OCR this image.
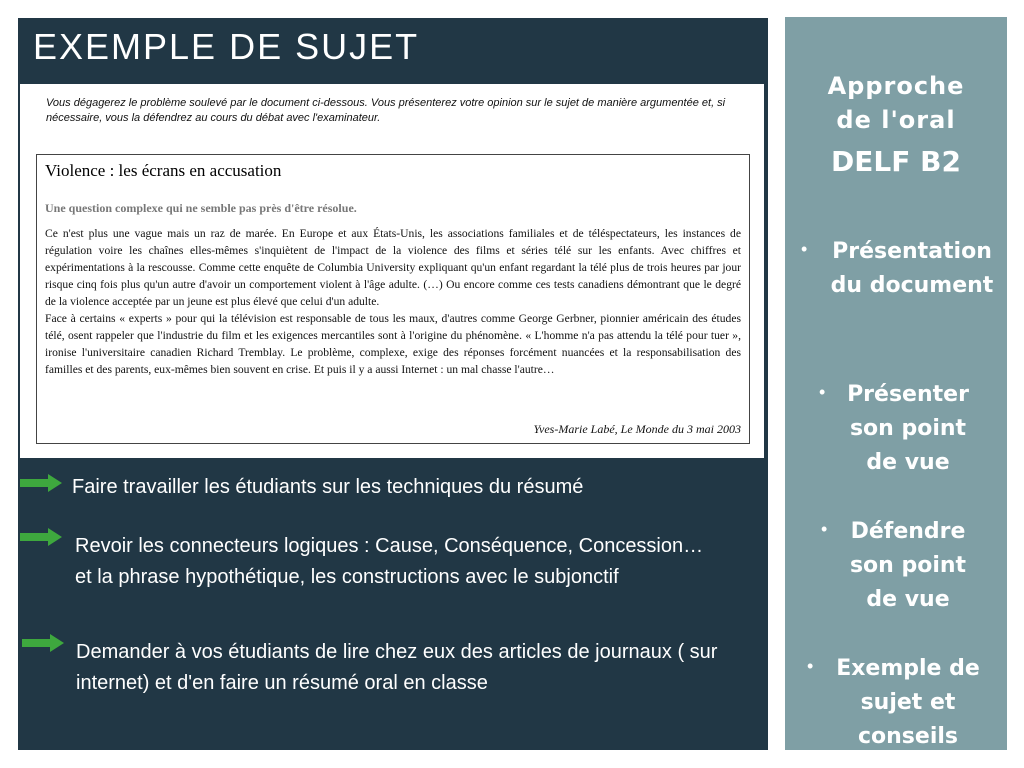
EXEMPLE DE SUJET
Vous dégagerez le problème soulevé par le document ci-dessous. Vous présenterez votre opinion sur le sujet de manière argumentée et, si nécessaire, vous la défendrez au cours du débat avec l'examinateur.
Violence : les écrans en accusation
Une question complexe qui ne semble pas près d'être résolue.

Ce n'est plus une vague mais un raz de marée. En Europe et aux États-Unis, les associations familiales et de téléspectateurs, les instances de régulation voire les chaînes elles-mêmes s'inquiètent de l'impact de la violence des films et séries télé sur les enfants. Avec chiffres et expérimentations à la rescousse. Comme cette enquête de Columbia University expliquant qu'un enfant regardant la télé plus de trois heures par jour risque cinq fois plus qu'un autre d'avoir un comportement violent à l'âge adulte. (…) Ou encore comme ces tests canadiens démontrant que le degré de la violence acceptée par un jeune est plus élevé que celui d'un adulte.

Face à certains « experts » pour qui la télévision est responsable de tous les maux, d'autres comme George Gerbner, pionnier américain des études télé, osent rappeler que l'industrie du film et les exigences mercantiles sont à l'origine du phénomène. « L'homme n'a pas attendu la télé pour tuer », ironise l'universitaire canadien Richard Tremblay. Le problème, complexe, exige des réponses forcément nuancées et la responsabilisation des familles et des parents, eux-mêmes bien souvent en crise. Et puis il y a aussi Internet : un mal chasse l'autre…

Yves-Marie Labé, Le Monde du 3 mai 2003

Faire travailler les étudiants sur les techniques du résumé

Revoir les connecteurs logiques : Cause, Conséquence, Concession… et la phrase hypothétique, les constructions avec le subjonctif

Demander à vos étudiants de lire chez eux des articles de journaux ( sur internet) et d'en faire un résumé oral en classe

Approche de l'oral
DELF B2
•	Présentation du document
• Présenter son point de vue
•	Défendre son point de vue
•	Exemple de sujet et conseils
